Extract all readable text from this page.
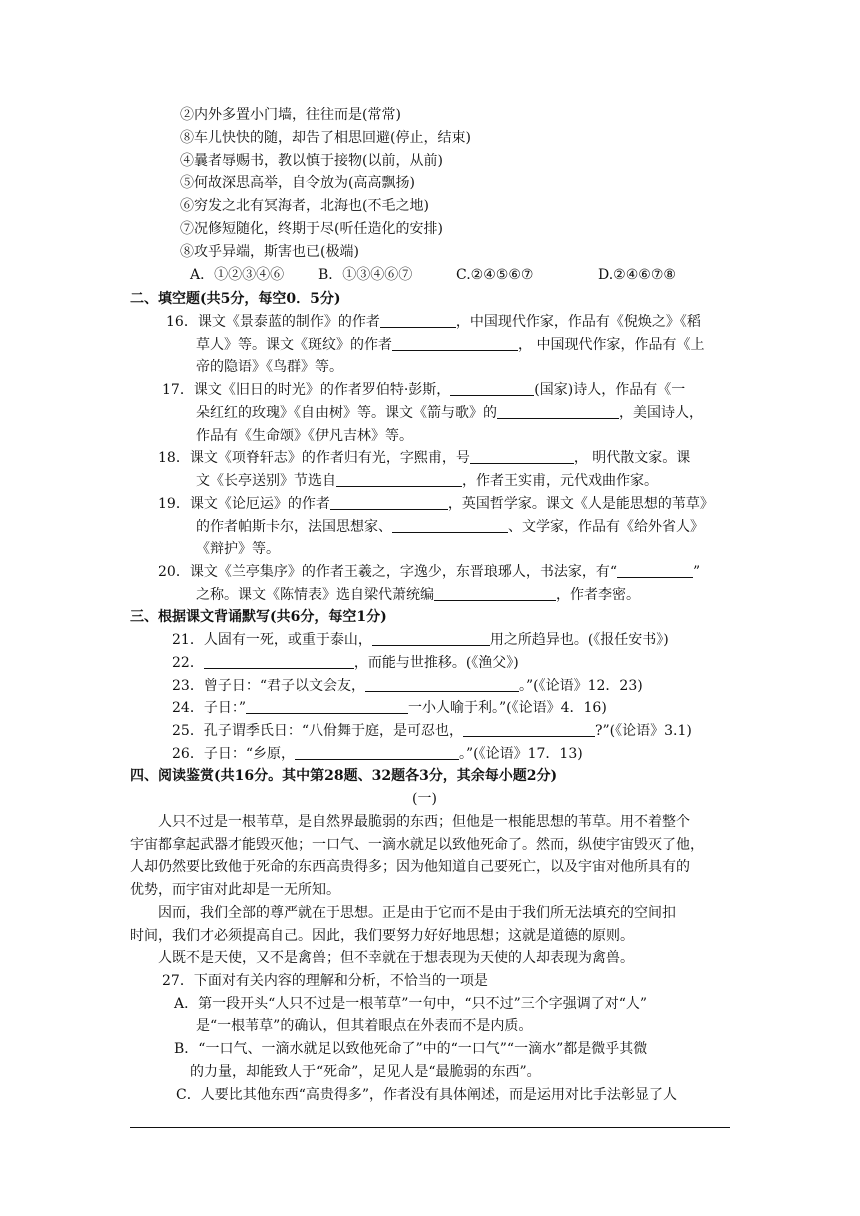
②内外多置小门墙，往往而是(常常)
⑧车儿快快的随，却告了相思回避(停止，结束)
④曩者辱赐书，教以慎于接物(以前，从前)
⑤何故深思高举，自令放为(高高飘扬)
⑥穷发之北有冥海者，北海也(不毛之地)
⑦况修短随化，终期于尽(听任造化的安排)
⑧攻乎异端，斯害也已(极端)
A．①②③④⑥ B．①③④⑥⑦	C.②④⑤⑥⑦	D.②④⑥⑦⑧
二、填空题(共5分，每空0．5分)
16．课文《景泰蓝的制作》的作者	，中国现代作家，作品有《倪焕之》《稻
草人》等。课文《斑纹》的作者	， 中国现代作家，作品有《上
帝的隐语》《鸟群》等。
17．课文《旧日的时光》的作者罗伯特·彭斯，	(国家)诗人，作品有《一
朵红红的玫瑰》《自由树》等。课文《箭与歌》的	，美国诗人，
作品有《生命颂》《伊凡吉林》等。
18．课文《项脊轩志》的作者归有光，字熙甫，号	， 明代散文家。课
文《长亭送别》节选自	，作者王实甫，元代戏曲作家。
19．课文《论厄运》的作者	，英国哲学家。课文《人是能思想的苇草》
的作者帕斯卡尔，法国思想家、	、文学家，作品有《给外省人》
《辩护》等。
20．课文《兰亭集序》的作者王羲之，字逸少，东晋琅琊人，书法家，有“	”
之称。课文《陈情表》选自梁代萧统编	，作者李密。
三、根据课文背诵默写(共6分，每空1分)
21．人固有一死，或重于泰山，	用之所趋异也。(《报任安书》)
22．	，而能与世推移。(《渔父》)
23．曾子日：“君子以文会友，	。”(《论语》12．23)
24．子日：”	一小人喻于利。”(《论语》4．16)
25．孔子谓季氏日：“八佾舞于庭，是可忍也，	?”(《论语》3.1)
26．子日：“乡原，	。”(《论语》17．13)
四、阅读鉴赏(共16分。其中第28题、32题各3分，其余每小题2分)
(一)
人只不过是一根苇草，是自然界最脆弱的东西；但他是一根能思想的苇草。用不着整个
宇宙都拿起武器才能毁灭他；一口气、一滴水就足以致他死命了。然而，纵使宇宙毁灭了他，
人却仍然要比致他于死命的东西高贵得多；因为他知道自己要死亡，以及宇宙对他所具有的
优势，而宇宙对此却是一无所知。
因而，我们全部的尊严就在于思想。正是由于它而不是由于我们所无法填充的空间扣
时间，我们才必须提高自己。因此，我们要努力好好地思想；这就是道德的原则。
人既不是天使，又不是禽兽；但不幸就在于想表现为天使的人却表现为禽兽。
27．下面对有关内容的理解和分析，不恰当的一项是
A．第一段开头“人只不过是一根苇草”一句中，“只不过”三个字强调了对“人”
是“一根苇草”的确认，但其着眼点在外表而不是内质。
B．“一口气、一滴水就足以致他死命了”中的“一口气”“一滴水”都是微乎其微
的力量，却能致人于“死命”，足见人是“最脆弱的东西”。
C．人要比其他东西“高贵得多”，作者没有具体阐述，而是运用对比手法彰显了人
